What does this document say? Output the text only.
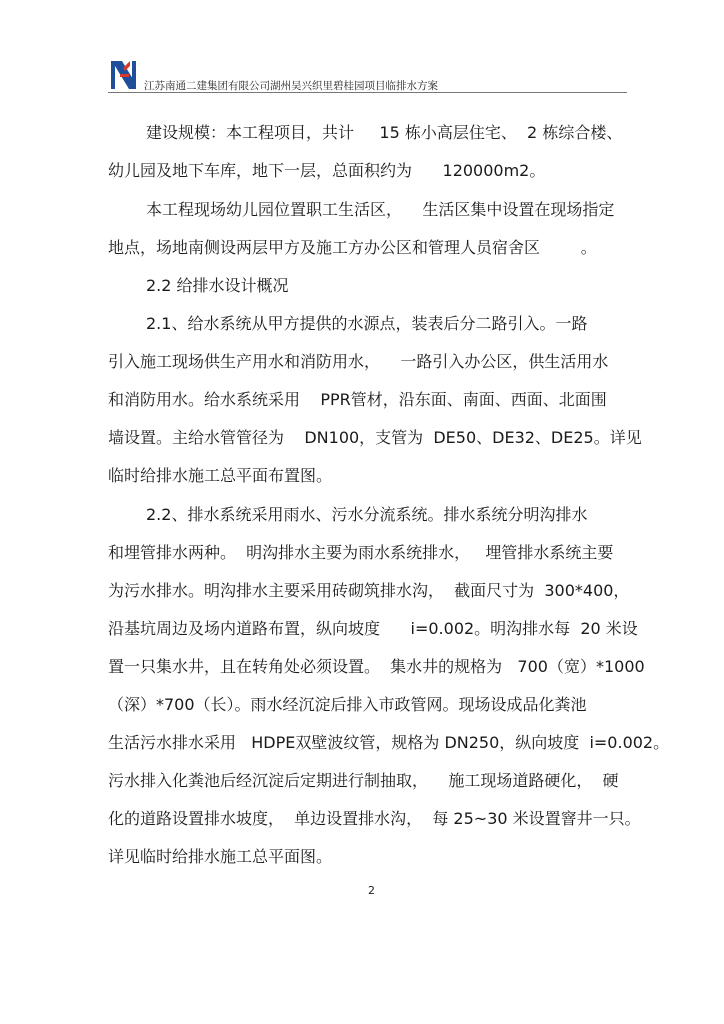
江苏南通二建集团有限公司湖州吴兴织里碧桂园项目临排水方案
建设规模：本工程项目，共计     15 栋小高层住宅、  2 栋综合楼、
幼儿园及地下车库，地下一层，总面积约为      120000m2。
本工程现场幼儿园位置职工生活区，    生活区集中设置在现场指定
地点，场地南侧设两层甲方及施工方办公区和管理人员宿舍区        。
2.2 给排水设计概况
2.1、给水系统从甲方提供的水源点，装表后分二路引入。一路
引入施工现场供生产用水和消防用水，    一路引入办公区，供生活用水
和消防用水。给水系统采用    PPR管材，沿东面、南面、西面、北面围
墙设置。主给水管管径为    DN100，支管为  DE50、DE32、DE25。详见
临时给排水施工总平面布置图。
2.2、排水系统采用雨水、污水分流系统。排水系统分明沟排水
和埋管排水两种。  明沟排水主要为雨水系统排水，   埋管排水系统主要
为污水排水。明沟排水主要采用砖砌筑排水沟，  截面尺寸为  300*400，
沿基坑周边及场内道路布置，纵向坡度      i=0.002。明沟排水每  20 米设
置一只集水井，且在转角处必须设置。  集水井的规格为   700（宽）*1000
（深）*700（长）。雨水经沉淀后排入市政管网。现场设成品化粪池
生活污水排水采用   HDPE双壁波纹管，规格为 DN250，纵向坡度  i=0.002。
污水排入化粪池后经沉淀后定期进行制抽取，    施工现场道路硬化，  硬
化的道路设置排水坡度，  单边设置排水沟，  每 25~30 米设置窨井一只。
详见临时给排水施工总平面图。
2
